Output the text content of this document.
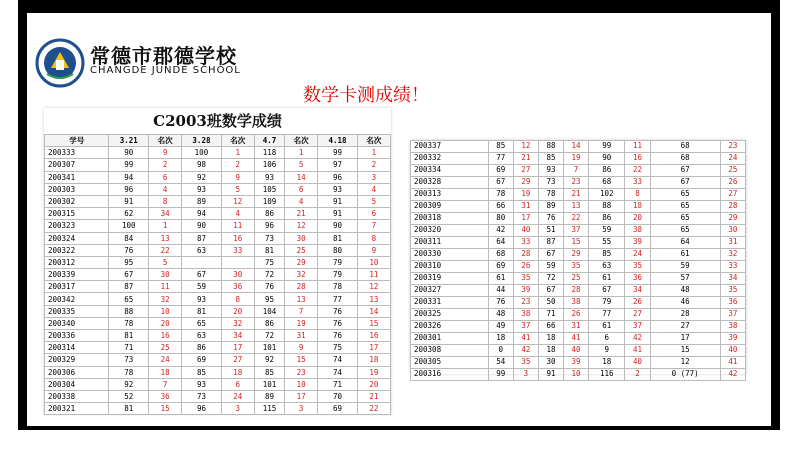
常德市郡德学校
CHANGDE JUNDE SCHOOL
数学卡测成绩！
C2003班数学成绩
学号	3.21	名次	3.28	名次	4.7	名次	4.18	名次
200333	90	9	100	1	118	1	99	1
200307	99	2	98	2	106	5	97	2
200341	94	6	92	9	93	14	96	3
200303	96	4	93	5	105	6	93	4
200302	91	8	89	12	109	4	91	5
200315	62	34	94	4	86	21	91	6
200323	100	1	90	11	96	12	90	7
200324	84	13	87	16	73	30	81	8
200322	76	22	63	33	81	25	80	9
200312	95	5			75	29	79	10
200339	67	30	67	30	72	32	79	11
200317	87	11	59	36	76	28	78	12
200342	65	32	93	8	95	13	77	13
200335	88	10	81	20	104	7	76	14
200340	78	20	65	32	86	19	76	15
200336	81	16	63	34	72	31	76	16
200314	71	25	86	17	101	9	75	17
200329	73	24	69	27	92	15	74	18
200306	78	18	85	18	85	23	74	19
200304	92	7	93	6	101	10	71	20
200338	52	36	73	24	89	17	70	21
200321	81	15	96	3	115	3	69	22
200337	85	12	88	14	99	11	68	23
200332	77	21	85	19	90	16	68	24
200334	69	27	93	7	86	22	67	25
200328	67	29	73	23	68	33	67	26
200313	78	19	78	21	102	8	65	27
200309	66	31	89	13	88	18	65	28
200318	80	17	76	22	86	20	65	29
200320	42	40	51	37	59	38	65	30
200311	64	33	87	15	55	39	64	31
200330	68	28	67	29	85	24	61	32
200310	69	26	59	35	63	35	59	33
200319	61	35	72	25	61	36	57	34
200327	44	39	67	28	67	34	48	35
200331	76	23	50	38	79	26	46	36
200325	48	38	71	26	77	27	28	37
200326	49	37	66	31	61	37	27	38
200301	18	41	18	41	6	42	17	39
200308	0	42	18	40	9	41	15	40
200305	54	35	30	39	18	40	12	41
200316	99	3	91	10	116	2	0 (77)	42
